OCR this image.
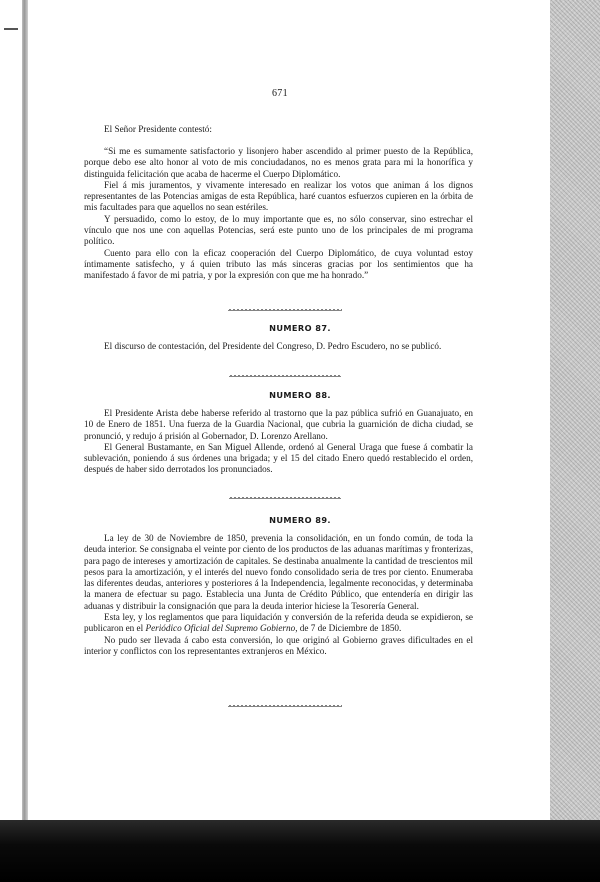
671
El Señor Presidente contestó:

“Si me es sumamente satisfactorio y lisonjero haber ascendido al primer puesto de la República, porque debo ese alto honor al voto de mis conciudadanos, no es menos grata para mi la honorífica y distinguida felicitación que acaba de hacerme el Cuerpo Diplomático.

Fiel á mis juramentos, y vivamente interesado en realizar los votos que animan á los dignos representantes de las Potencias amigas de esta República, haré cuantos esfuerzos cupieren en la órbita de mis facultades para que aquellos no sean estériles.

Y persuadido, como lo estoy, de lo muy importante que es, no sólo conservar, sino estrechar el vínculo que nos une con aquellas Potencias, será este punto uno de los principales de mi programa político.

Cuento para ello con la eficaz cooperación del Cuerpo Diplomático, de cuya voluntad estoy íntimamente satisfecho, y á quien tributo las más sinceras gracias por los sentimientos que ha manifestado á favor de mi patria, y por la expresión con que me ha honrado.”

NUMERO 87.

El discurso de contestación, del Presidente del Congreso, D. Pedro Escudero, no se publicó.

NUMERO 88.

El Presidente Arista debe haberse referido al trastorno que la paz pública sufrió en Guanajuato, en 10 de Enero de 1851. Una fuerza de la Guardia Nacional, que cubria la guarnición de dicha ciudad, se pronunció, y redujo á prisión al Gobernador, D. Lorenzo Arellano.

El General Bustamante, en San Miguel Allende, ordenó al General Uraga que fuese á combatir la sublevación, poniendo á sus órdenes una brigada; y el 15 del citado Enero quedó restablecido el orden, después de haber sido derrotados los pronunciados.

NUMERO 89.

La ley de 30 de Noviembre de 1850, prevenia la consolidación, en un fondo común, de toda la deuda interior. Se consignaba el veinte por ciento de los productos de las aduanas marítimas y fronterizas, para pago de intereses y amortización de capitales. Se destinaba anualmente la cantidad de trescientos mil pesos para la amortización, y el interés del nuevo fondo consolidado seria de tres por ciento. Enumeraba las diferentes deudas, anteriores y posteriores á la Independencia, legalmente reconocidas, y determinaba la manera de efectuar su pago. Establecia una Junta de Crédito Público, que entendería en dirigir las aduanas y distribuir la consignación que para la deuda interior hiciese la Tesorería General.

Esta ley, y los reglamentos que para liquidación y conversión de la referida deuda se expidieron, se publicaron en el Periódico Oficial del Supremo Gobierno, de 7 de Diciembre de 1850.

No pudo ser llevada á cabo esta conversión, lo que originó al Gobierno graves dificultades en el interior y conflictos con los representantes extranjeros en México.
